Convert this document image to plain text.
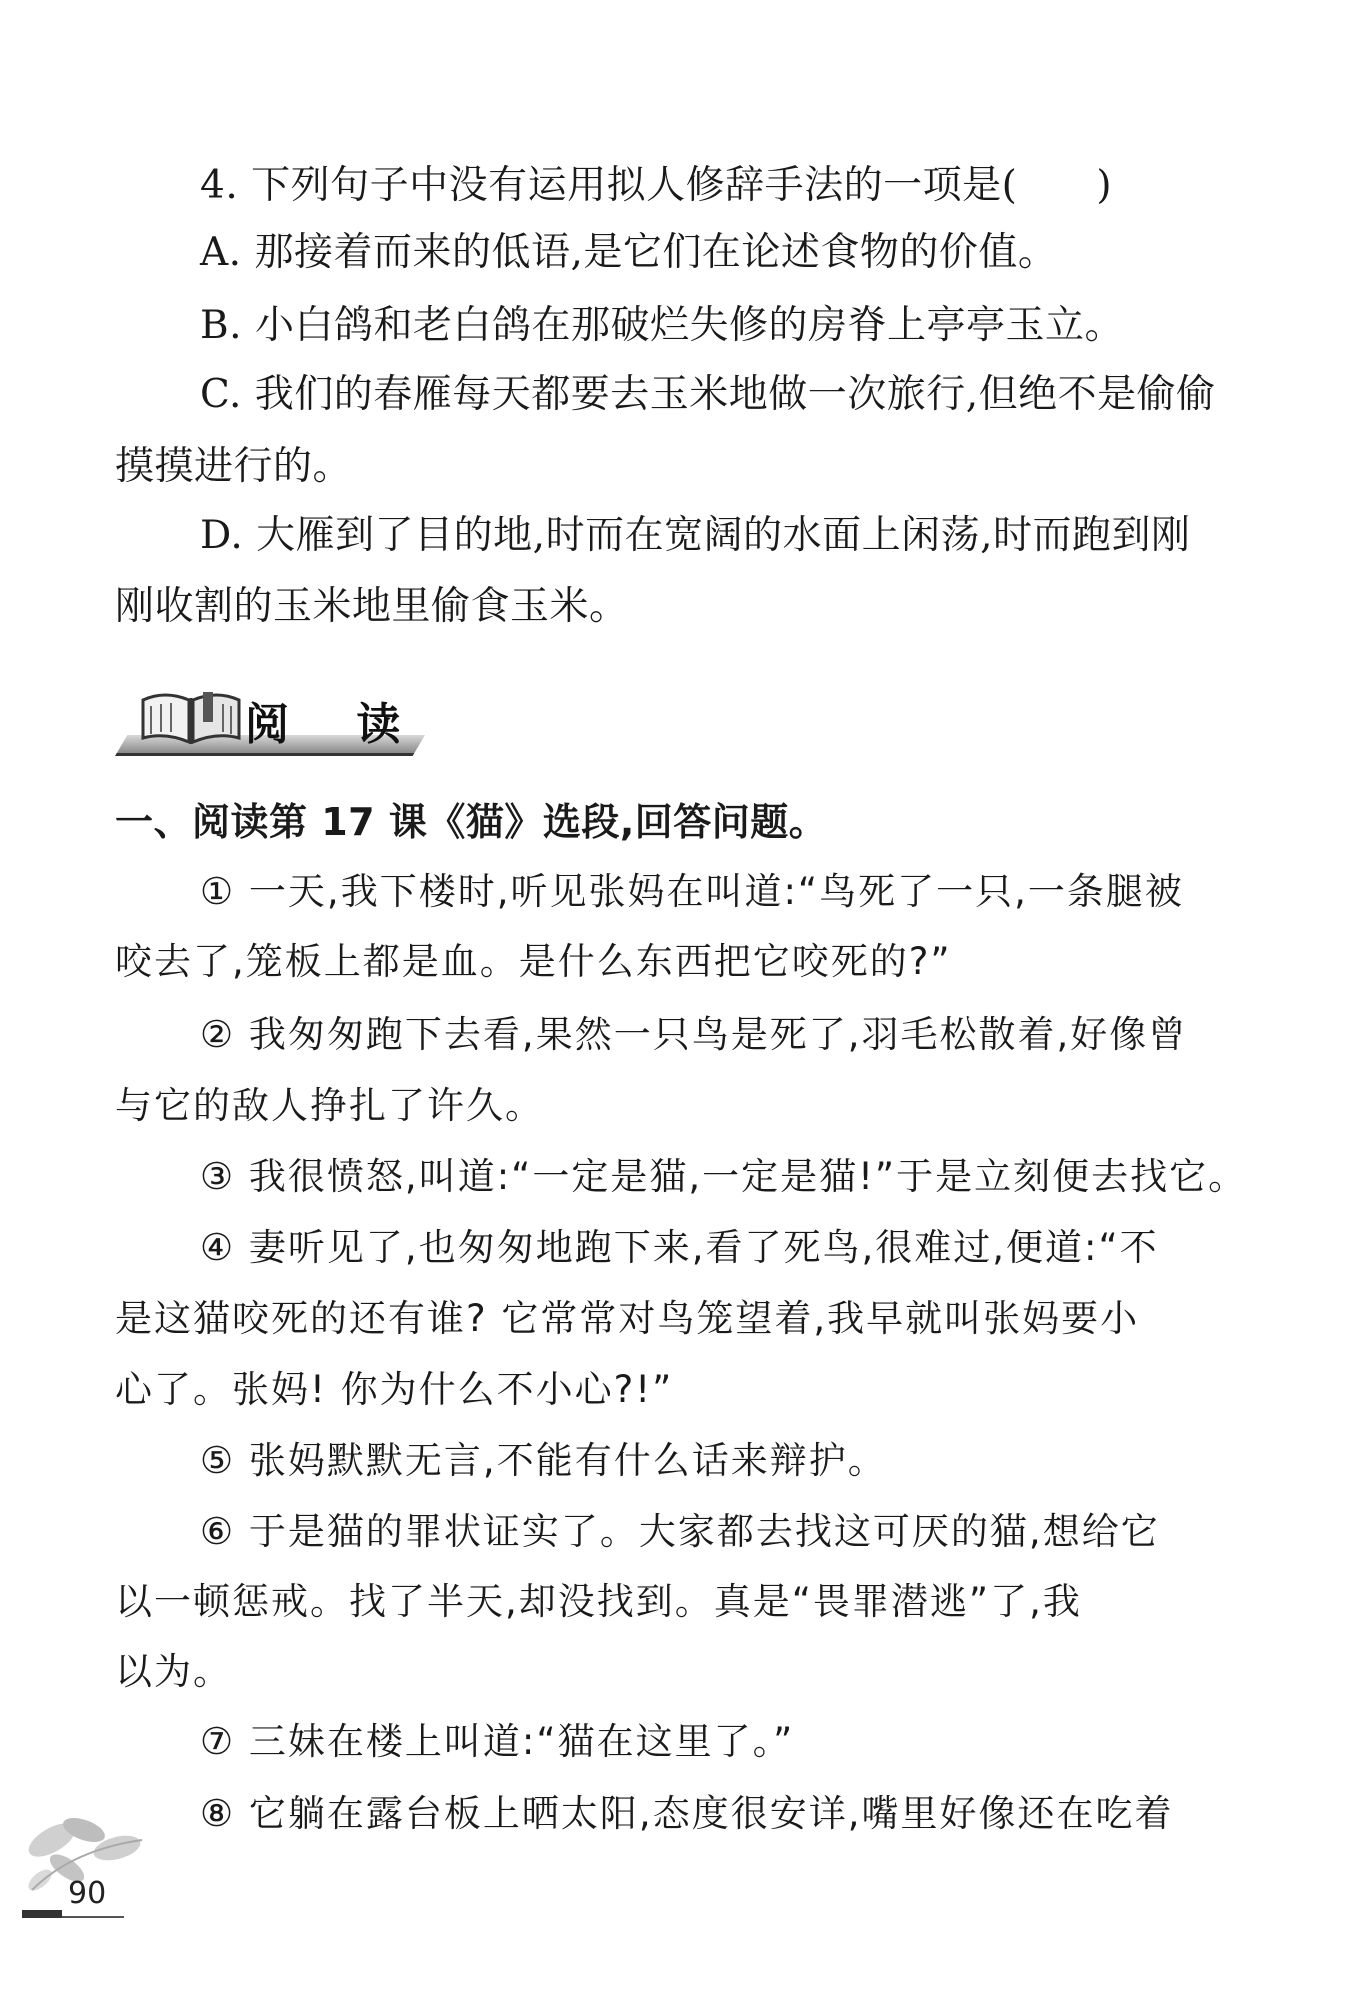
4. 下列句子中没有运用拟人修辞手法的一项是(　　)
A. 那接着而来的低语,是它们在论述食物的价值。
B. 小白鸽和老白鸽在那破烂失修的房脊上亭亭玉立。
C. 我们的春雁每天都要去玉米地做一次旅行,但绝不是偷偷
摸摸进行的。
D. 大雁到了目的地,时而在宽阔的水面上闲荡,时而跑到刚
刚收割的玉米地里偷食玉米。
阅 读
一、阅读第 17 课《猫》选段,回答问题。
① 一天,我下楼时,听见张妈在叫道:“鸟死了一只,一条腿被
咬去了,笼板上都是血。是什么东西把它咬死的?”
② 我匆匆跑下去看,果然一只鸟是死了,羽毛松散着,好像曾
与它的敌人挣扎了许久。
③ 我很愤怒,叫道:“一定是猫,一定是猫!”于是立刻便去找它。
④ 妻听见了,也匆匆地跑下来,看了死鸟,很难过,便道:“不
是这猫咬死的还有谁? 它常常对鸟笼望着,我早就叫张妈要小
心了。张妈! 你为什么不小心?!”
⑤ 张妈默默无言,不能有什么话来辩护。
⑥ 于是猫的罪状证实了。大家都去找这可厌的猫,想给它
以一顿惩戒。找了半天,却没找到。真是“畏罪潜逃”了,我
以为。
⑦ 三妹在楼上叫道:“猫在这里了。”
⑧ 它躺在露台板上晒太阳,态度很安详,嘴里好像还在吃着
90
